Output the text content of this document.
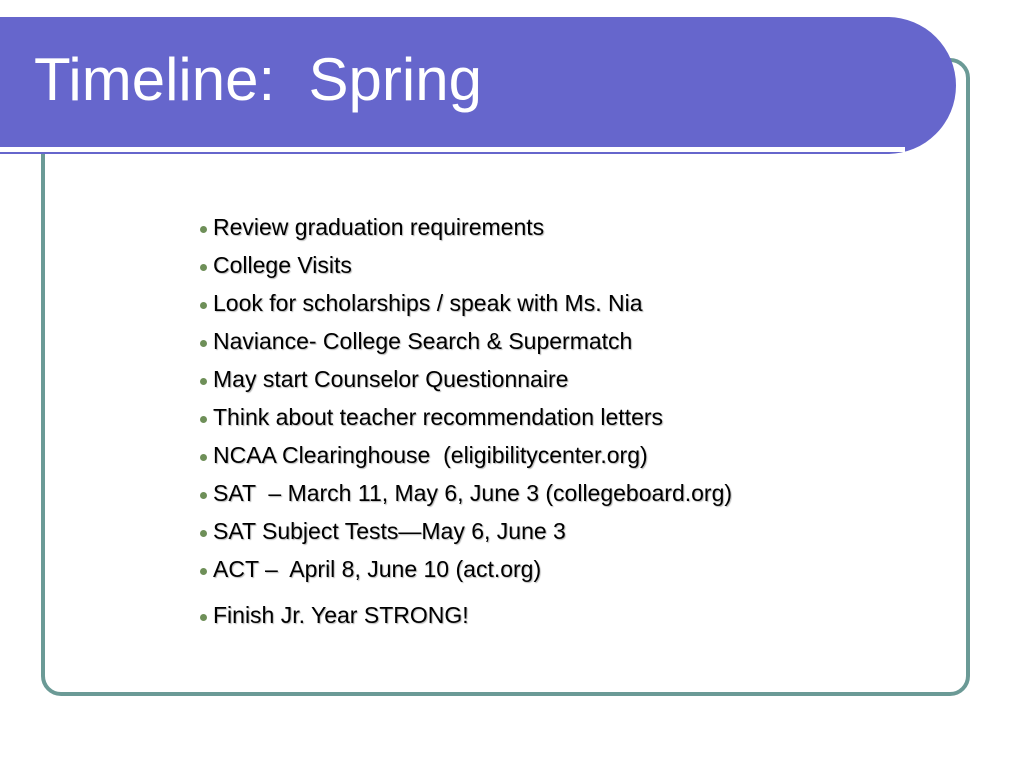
Timeline:  Spring
Review graduation requirements
College Visits
Look for scholarships / speak with Ms. Nia
Naviance- College Search & Supermatch
May start Counselor Questionnaire
Think about teacher recommendation letters
NCAA Clearinghouse  (eligibilitycenter.org)
SAT  – March 11, May 6, June 3 (collegeboard.org)
SAT Subject Tests—May 6, June 3
ACT –  April 8, June 10 (act.org)
Finish Jr. Year STRONG!
